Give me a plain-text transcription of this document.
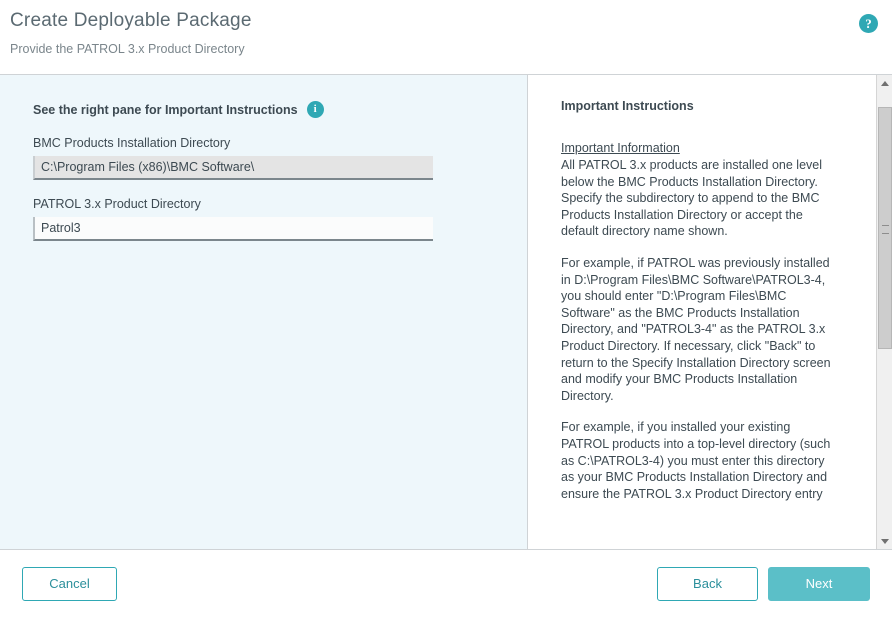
Create Deployable Package
Provide the PATROL 3.x Product Directory
?
See the right pane for Important Instructions	i
BMC Products Installation Directory
C:\Program Files (x86)\BMC Software\
PATROL 3.x Product Directory
Patrol3
Important Instructions
Important Information

All PATROL 3.x products are installed one level below the BMC Products Installation Directory. Specify the subdirectory to append to the BMC Products Installation Directory or accept the default directory name shown.

For example, if PATROL was previously installed in D:\Program Files\BMC Software\PATROL3-4, you should enter "D:\Program Files\BMC Software" as the BMC Products Installation Directory, and "PATROL3-4" as the PATROL 3.x Product Directory. If necessary, click "Back" to return to the Specify Installation Directory screen and modify your BMC Products Installation Directory.

For example, if you installed your existing PATROL products into a top-level directory (such as C:\PATROL3-4) you must enter this directory as your BMC Products Installation Directory and ensure the PATROL 3.x Product Directory entry

Cancel	Back	Next
